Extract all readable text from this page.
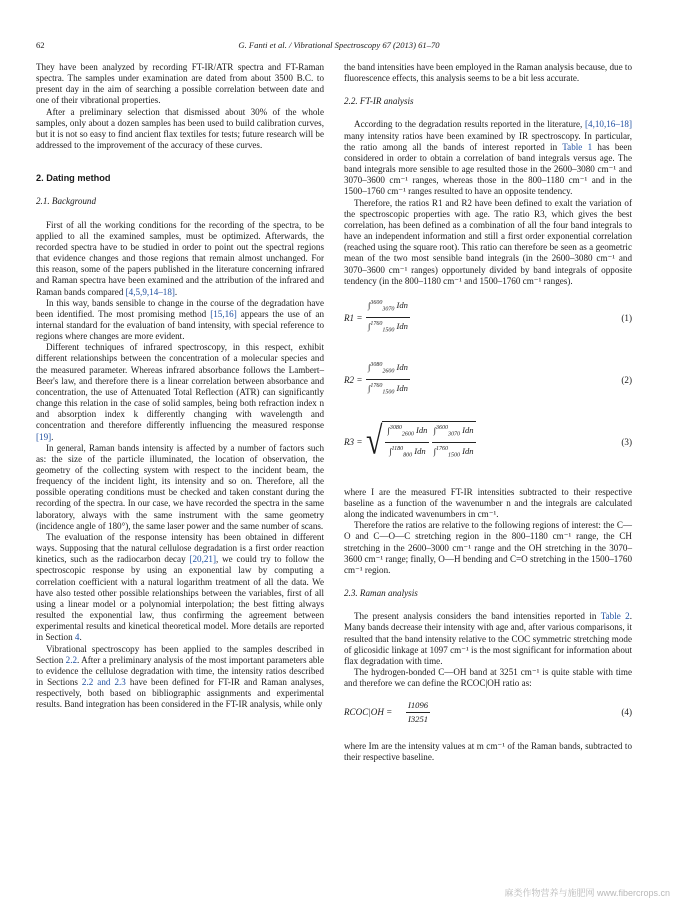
62	G. Fanti et al. / Vibrational Spectroscopy 67 (2013) 61–70

They have been analyzed by recording FT-IR/ATR spectra and FT-Raman spectra. The samples under examination are dated from about 3500 B.C. to present day in the aim of searching a possible correlation between date and one of their vibrational properties.

After a preliminary selection that dismissed about 30% of the whole samples, only about a dozen samples has been used to build calibration curves, but it is not so easy to find ancient flax textiles for tests; future research will be addressed to the improvement of the accuracy of these curves.

2. Dating method
2.1. Background

First of all the working conditions for the recording of the spectra, to be applied to all the examined samples, must be optimized. Afterwards, the recorded spectra have to be studied in order to point out the spectral regions that evidence changes and those regions that remain almost unchanged. For this reason, some of the papers published in the literature concerning infrared and Raman spectra have been examined and the attribution of the infrared and Raman bands compared [4,5,9,14–18].

In this way, bands sensible to change in the course of the degradation have been identified. The most promising method [15,16] appears the use of an internal standard for the evaluation of band intensity, with special reference to regions where changes are more evident.

Different techniques of infrared spectroscopy, in this respect, exhibit different relationships between the concentration of a molecular species and the measured parameter. Whereas infrared absorbance follows the Lambert–Beer's law, and therefore there is a linear correlation between absorbance and concentration, the use of Attenuated Total Reflection (ATR) can significantly change this relation in the case of solid samples, being both refraction index n and absorption index k differently changing with wavelength and concentration and therefore differently influencing the measured response [19].

In general, Raman bands intensity is affected by a number of factors such as: the size of the particle illuminated, the location of observation, the geometry of the collecting system with respect to the incident beam, the frequency of the incident light, its intensity and so on. Therefore, all the possible operating conditions must be checked and taken constant during the recording of the spectra. In our case, we have recorded the spectra in the same laboratory, always with the same instrument with the same geometry (incidence angle of 180°), the same laser power and the same number of scans.

The evaluation of the response intensity has been obtained in different ways. Supposing that the natural cellulose degradation is a first order reaction kinetics, such as the radiocarbon decay [20,21], we could try to follow the spectroscopic response by using an exponential law by computing a correlation coefficient with a natural logarithm treatment of all the data. We have also tested other possible relationships between the variables, first of all using a linear model or a polynomial interpolation; the best fitting always resulted the exponential law, thus confirming the agreement between experimental results and kinetical theoretical model. More details are reported in Section 4.

Vibrational spectroscopy has been applied to the samples described in Section 2.2. After a preliminary analysis of the most important parameters able to evidence the cellulose degradation with time, the intensity ratios described in Sections 2.2 and 2.3 have been defined for FT-IR and Raman analyses, respectively, both based on bibliographic assignments and experimental results. Band integration has been considered in the FT-IR analysis, while only

the band intensities have been employed in the Raman analysis because, due to fluorescence effects, this analysis seems to be a bit less accurate.

2.2. FT-IR analysis

According to the degradation results reported in the literature, [4,10,16–18] many intensity ratios have been examined by IR spectroscopy. In particular, the ratio among all the bands of interest reported in Table 1 has been considered in order to obtain a correlation of band integrals versus age. The band integrals more sensible to age resulted those in the 2600–3080 cm⁻¹ and 3070–3600 cm⁻¹ ranges, whereas those in the 800–1180 cm⁻¹ and in the 1500–1760 cm⁻¹ ranges resulted to have an opposite tendency.

Therefore, the ratios R1 and R2 have been defined to exalt the variation of the spectroscopic properties with age. The ratio R3, which gives the best correlation, has been defined as a combination of all the four band integrals to have an independent information and still a first order exponential correlation (reached using the square root). This ratio can therefore be seen as a geometric mean of the two most sensible band integrals (in the 2600–3080 cm⁻¹ and 3070–3600 cm⁻¹ ranges) opportunely divided by band integrals of opposite tendency (in the 800–1180 cm⁻¹ and 1500–1760 cm⁻¹ ranges).

$R1 = \frac{\int^{3600}_{3070} Idn}{\int^{1760}_{1500} Idn}$	(1)
$R2 = \frac{\int^{3080}_{2600} Idn}{\int^{1760}_{1500} Idn}$	(2)
R3 = √ $\frac{\int^{3080}_{2600} Idn}{\int^{1180}_{800} Idn}$
$\frac{\int^{3600}_{3070} Idn}{\int^{1760}_{1500} Idn}$	(3)

where I are the measured FT-IR intensities subtracted to their respective baseline as a function of the wavenumber n and the integrals are calculated along the indicated wavenumbers in cm⁻¹.

Therefore the ratios are relative to the following regions of interest: the C—O and C—O—C stretching region in the 800–1180 cm⁻¹ range, the CH stretching in the 2600–3000 cm⁻¹ range and the OH stretching in the 3070–3600 cm⁻¹ range; finally, O—H bending and C=O stretching in the 1500–1760 cm⁻¹ region.

2.3. Raman analysis

The present analysis considers the band intensities reported in Table 2. Many bands decrease their intensity with age and, after various comparisons, it resulted that the band intensity relative to the COC symmetric stretching mode of glicosidic linkage at 1097 cm⁻¹ is the most significant for information about flax degradation with time.

The hydrogen-bonded C—OH band at 3251 cm⁻¹ is quite stable with time and therefore we can define the RCOC|OH ratio as:

RCOC|OH = $\frac{I1096}{I3251}$	(4)

where Im are the intensity values at m cm⁻¹ of the Raman bands, subtracted to their respective baseline.

麻类作物营养与施肥网 www.fibercrops.cn
